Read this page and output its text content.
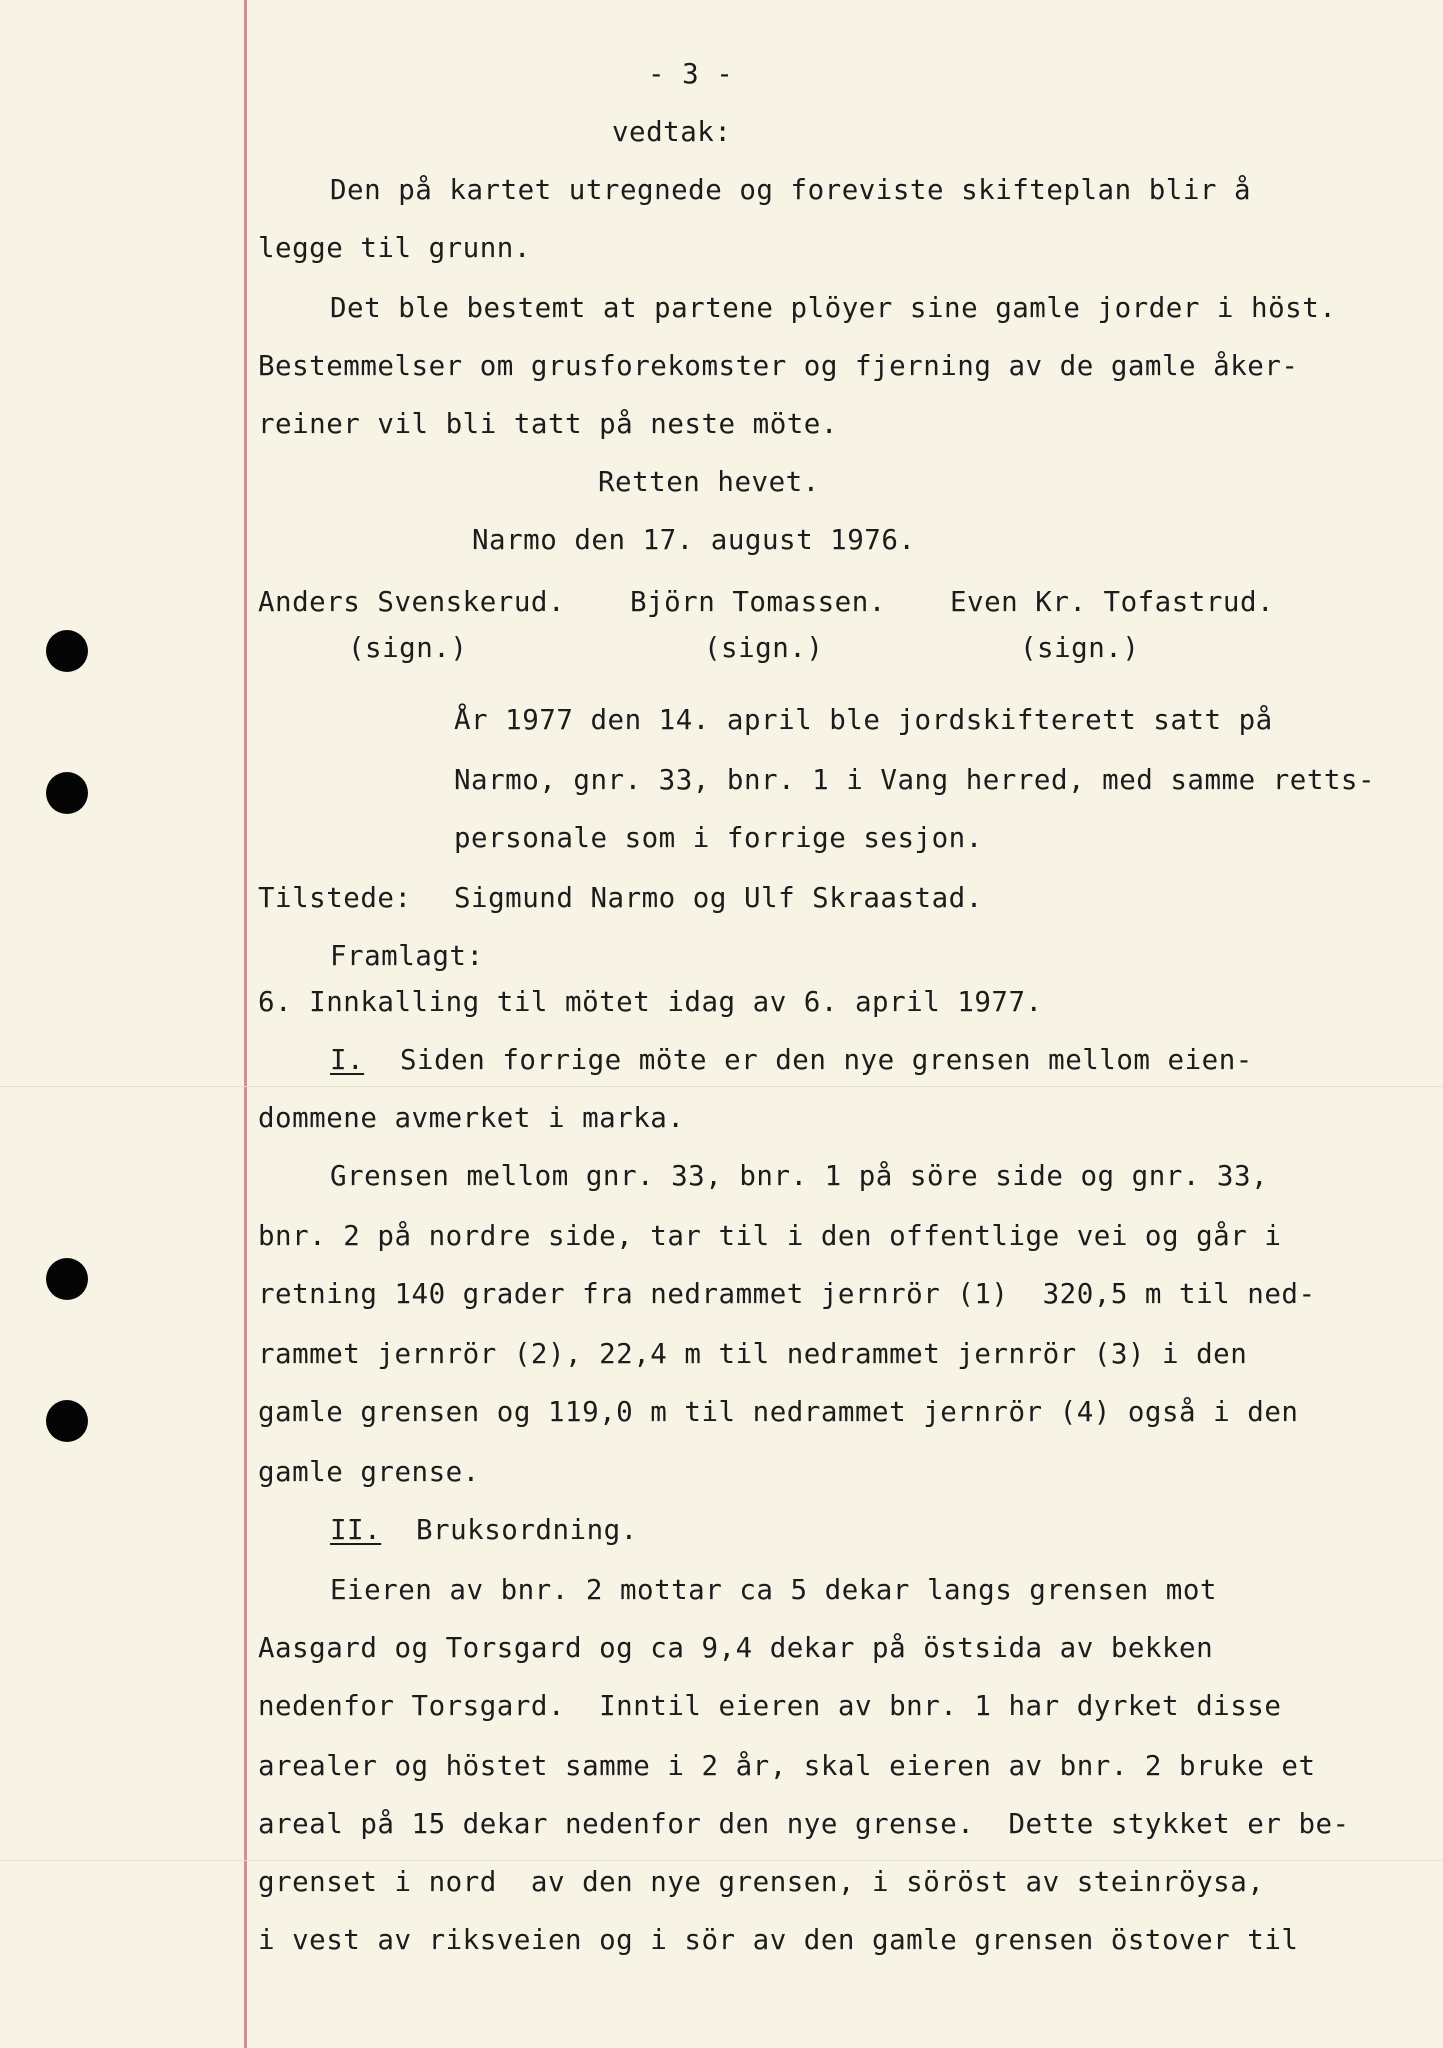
- 3 -
vedtak:
Den på kartet utregnede og foreviste skifteplan blir å
legge til grunn.
Det ble bestemt at partene plöyer sine gamle jorder i höst.
Bestemmelser om grusforekomster og fjerning av de gamle åker-
reiner vil bli tatt på neste möte.
Retten hevet.
Narmo den 17. august 1976.
Anders Svenskerud.
(sign.)
Björn Tomassen.
(sign.)
Even Kr. Tofastrud.
(sign.)
År 1977 den 14. april ble jordskifterett satt på
Narmo, gnr. 33, bnr. 1 i Vang herred, med samme retts-
personale som i forrige sesjon.
Tilstede: Sigmund Narmo og Ulf Skraastad.
Framlagt:
6. Innkalling til mötet idag av 6. april 1977.
I. Siden forrige möte er den nye grensen mellom eien-
dommene avmerket i marka.
Grensen mellom gnr. 33, bnr. 1 på söre side og gnr. 33,
bnr. 2 på nordre side, tar til i den offentlige vei og går i
retning 140 grader fra nedrammet jernrör (1)  320,5 m til ned-
rammet jernrör (2), 22,4 m til nedrammet jernrör (3) i den
gamle grensen og 119,0 m til nedrammet jernrör (4) også i den
gamle grense.
II. Bruksordning.
Eieren av bnr. 2 mottar ca 5 dekar langs grensen mot
Aasgard og Torsgard og ca 9,4 dekar på östsida av bekken
nedenfor Torsgard.  Inntil eieren av bnr. 1 har dyrket disse
arealer og höstet samme i 2 år, skal eieren av bnr. 2 bruke et
areal på 15 dekar nedenfor den nye grense.  Dette stykket er be-
grenset i nord  av den nye grensen, i söröst av steinröysa,
i vest av riksveien og i sör av den gamle grensen östover til
